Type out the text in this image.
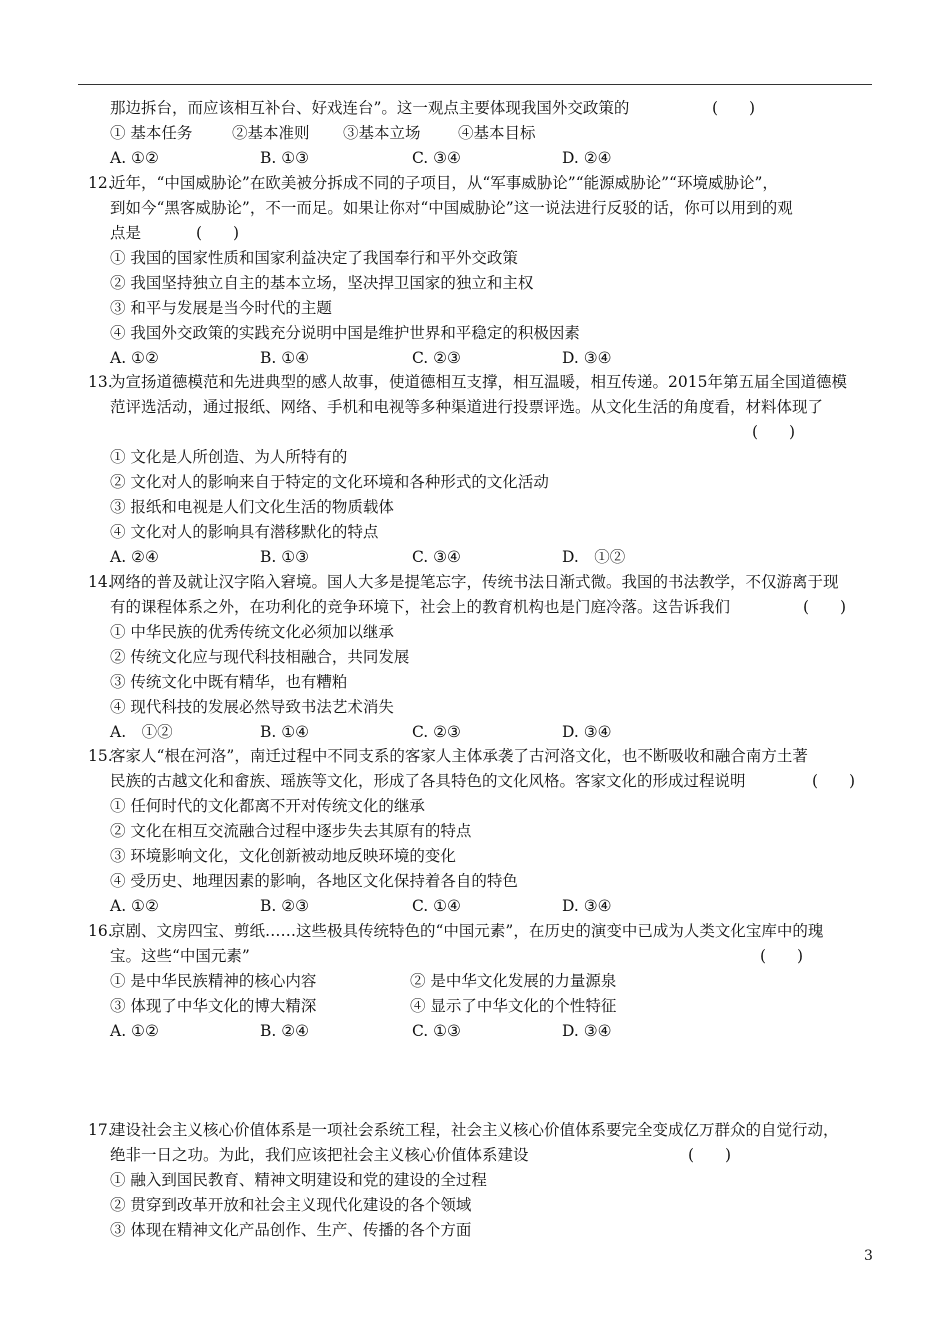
那边拆台，而应该相互补台、好戏连台”。这一观点主要体现我国外交政策的	(　　)
① 基本任务	②基本准则 ③基本立场 ④基本目标
A. ①②	B. ①③	C. ③④	D. ②④
12.
近年，“中国威胁论”在欧美被分拆成不同的子项目，从“军事威胁论”“能源威胁论”“环境威胁论”，
到如今“黑客威胁论”，不一而足。如果让你对“中国威胁论”这一说法进行反驳的话，你可以用到的观
点是	(　　)
① 我国的国家性质和国家利益决定了我国奉行和平外交政策
② 我国坚持独立自主的基本立场，坚决捍卫国家的独立和主权
③ 和平与发展是当今时代的主题
④ 我国外交政策的实践充分说明中国是维护世界和平稳定的积极因素
A. ①②	B. ①④	C. ②③	D. ③④
13.
为宣扬道德模范和先进典型的感人故事，使道德相互支撑，相互温暖，相互传递。2015年第五届全国道德模
范评选活动，通过报纸、网络、手机和电视等多种渠道进行投票评选。从文化生活的角度看，材料体现了
(　　)
① 文化是人所创造、为人所特有的
② 文化对人的影响来自于特定的文化环境和各种形式的文化活动
③ 报纸和电视是人们文化生活的物质载体
④ 文化对人的影响具有潜移默化的特点
A. ②④	B. ①③	C. ③④	D.　①②
14.
网络的普及就让汉字陷入窘境。国人大多是提笔忘字，传统书法日渐式微。我国的书法教学，不仅游离于现
有的课程体系之外，在功利化的竞争环境下，社会上的教育机构也是门庭冷落。这告诉我们	(　　)
① 中华民族的优秀传统文化必须加以继承
② 传统文化应与现代科技相融合，共同发展
③ 传统文化中既有精华，也有糟粕
④ 现代科技的发展必然导致书法艺术消失
A.　①②	B. ①④	C. ②③	D. ③④
15.
客家人“根在河洛”，南迁过程中不同支系的客家人主体承袭了古河洛文化，也不断吸收和融合南方土著
民族的古越文化和畲族、瑶族等文化，形成了各具特色的文化风格。客家文化的形成过程说明	(　　)
① 任何时代的文化都离不开对传统文化的继承
② 文化在相互交流融合过程中逐步失去其原有的特点
③ 环境影响文化，文化创新被动地反映环境的变化
④ 受历史、地理因素的影响，各地区文化保持着各自的特色
A. ①②	B. ②③	C. ①④	D. ③④
16.
京剧、文房四宝、剪纸……这些极具传统特色的“中国元素”，在历史的演变中已成为人类文化宝库中的瑰
宝。这些“中国元素”	(　　)
① 是中华民族精神的核心内容	② 是中华文化发展的力量源泉
③ 体现了中华文化的博大精深	④ 显示了中华文化的个性特征
A. ①②	B. ②④	C. ①③	D. ③④
17.
建设社会主义核心价值体系是一项社会系统工程，社会主义核心价值体系要完全变成亿万群众的自觉行动，
绝非一日之功。为此，我们应该把社会主义核心价值体系建设	(　　)
① 融入到国民教育、精神文明建设和党的建设的全过程
② 贯穿到改革开放和社会主义现代化建设的各个领域
③ 体现在精神文化产品创作、生产、传播的各个方面
3
